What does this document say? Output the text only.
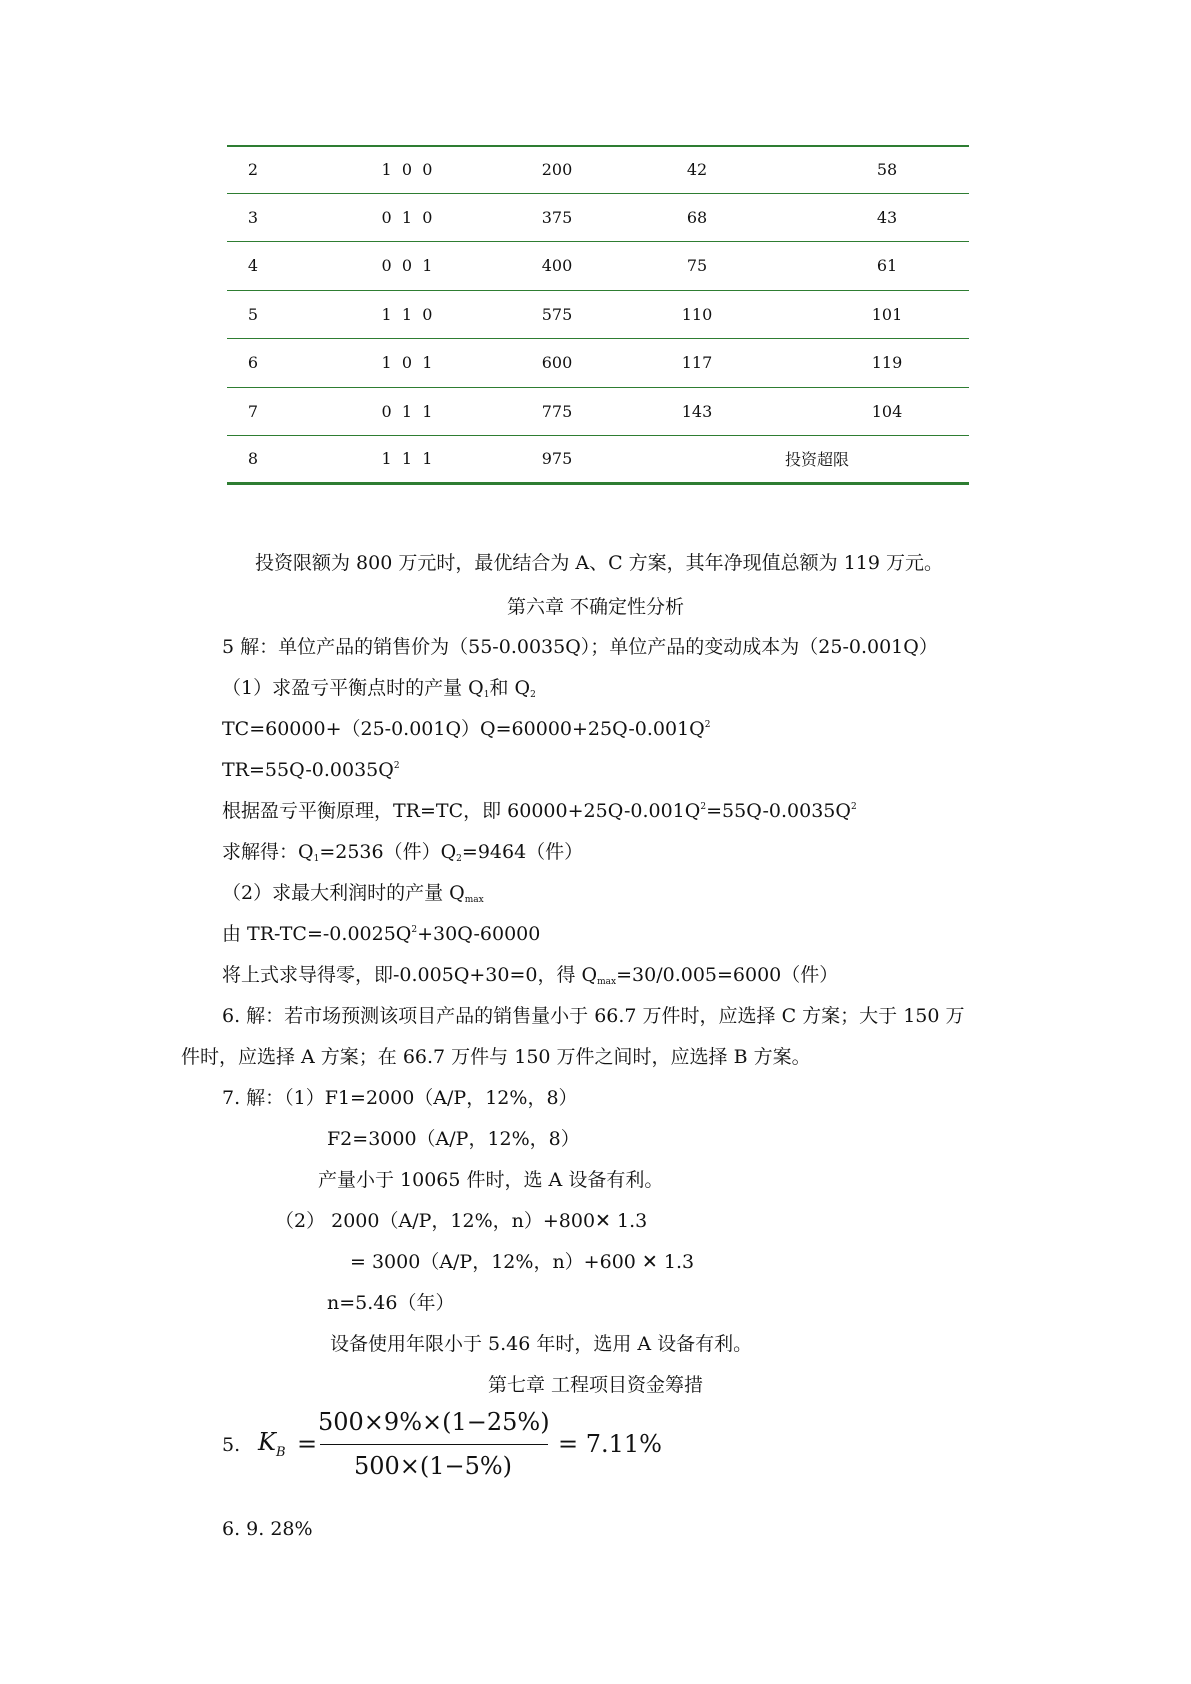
2	1  0  0	200	42	58
3	0  1  0	375	68	43
4	0  0  1	400	75	61
5	1  1  0	575	110	101
6	1  0  1	600	117	119
7	0  1  1	775	143	104
8	1  1  1	975	投资超限
投资限额为 800 万元时，最优结合为 A、C 方案，其年净现值总额为 119 万元。
第六章 不确定性分析
5 解：单位产品的销售价为（55-0.0035Q）；单位产品的变动成本为（25-0.001Q）
（1）求盈亏平衡点时的产量 $Q_1$和 $Q_2$
$TC=60000+(25-0.001Q)Q=60000+25Q-0.001Q^2$
$TR=55Q-0.0035Q^2$
根据盈亏平衡原理，TR=TC，即 $60000+25Q-0.001Q^2=55Q-0.0035Q^2$
求解得：$Q_1=2536$（件）$Q_2=9464$（件）
（2）求最大利润时的产量 $Q_{max}$
由 $TR-TC=-0.0025Q^2+30Q-60000$
将上式求导得零，即-0.005Q+30=0，得 $Q_{max}=30/0.005=6000$（件）
6. 解：若市场预测该项目产品的销售量小于 66.7 万件时，应选择 C 方案；大于 150 万
件时，应选择 A 方案；在 66.7 万件与 150 万件之间时，应选择 B 方案。
7. 解：（1）F1=2000（A/P，12%，8）
F2=3000（A/P，12%，8）
产量小于 10065 件时，选 A 设备有利。
（2） 2000（A/P，12%，n）+800✕ 1.3
= 3000（A/P，12%，n）+600 ✕ 1.3
n=5.46（年）
设备使用年限小于 5.46 年时，选用 A 设备有利。
第七章 工程项目资金筹措
5. $K_B$ =
500×9%×(1−25%)
500×(1−5%)
= 7.11%
6. 9. 28%
